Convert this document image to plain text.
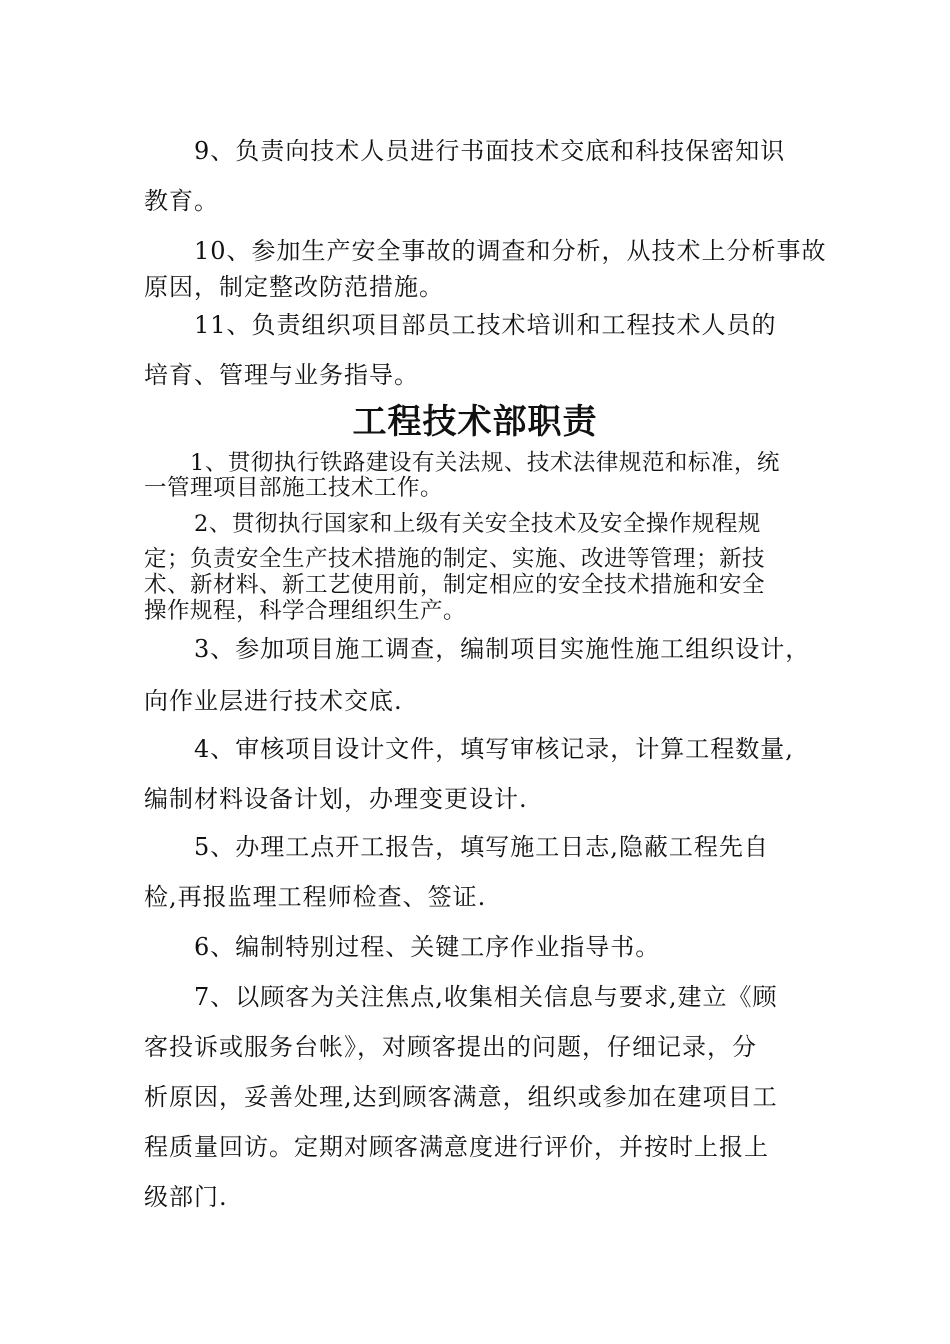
9、负责向技术人员进行书面技术交底和科技保密知识
教育。
10、参加生产安全事故的调查和分析，从技术上分析事故
原因，制定整改防范措施。
11、负责组织项目部员工技术培训和工程技术人员的
培育、管理与业务指导。
工程技术部职责
1、贯彻执行铁路建设有关法规、技术法律规范和标准，统
一管理项目部施工技术工作。
2、贯彻执行国家和上级有关安全技术及安全操作规程规
定；负责安全生产技术措施的制定、实施、改进等管理；新技
术、新材料、新工艺使用前，制定相应的安全技术措施和安全
操作规程，科学合理组织生产。
3、参加项目施工调查，编制项目实施性施工组织设计，
向作业层进行技术交底.
4、审核项目设计文件，填写审核记录，计算工程数量,
编制材料设备计划，办理变更设计.
5、办理工点开工报告，填写施工日志,隐蔽工程先自
检,再报监理工程师检查、签证.
6、编制特别过程、关键工序作业指导书。
7、以顾客为关注焦点,收集相关信息与要求,建立《顾
客投诉或服务台帐》，对顾客提出的问题，仔细记录，分
析原因，妥善处理,达到顾客满意，组织或参加在建项目工
程质量回访。定期对顾客满意度进行评价，并按时上报上
级部门.
